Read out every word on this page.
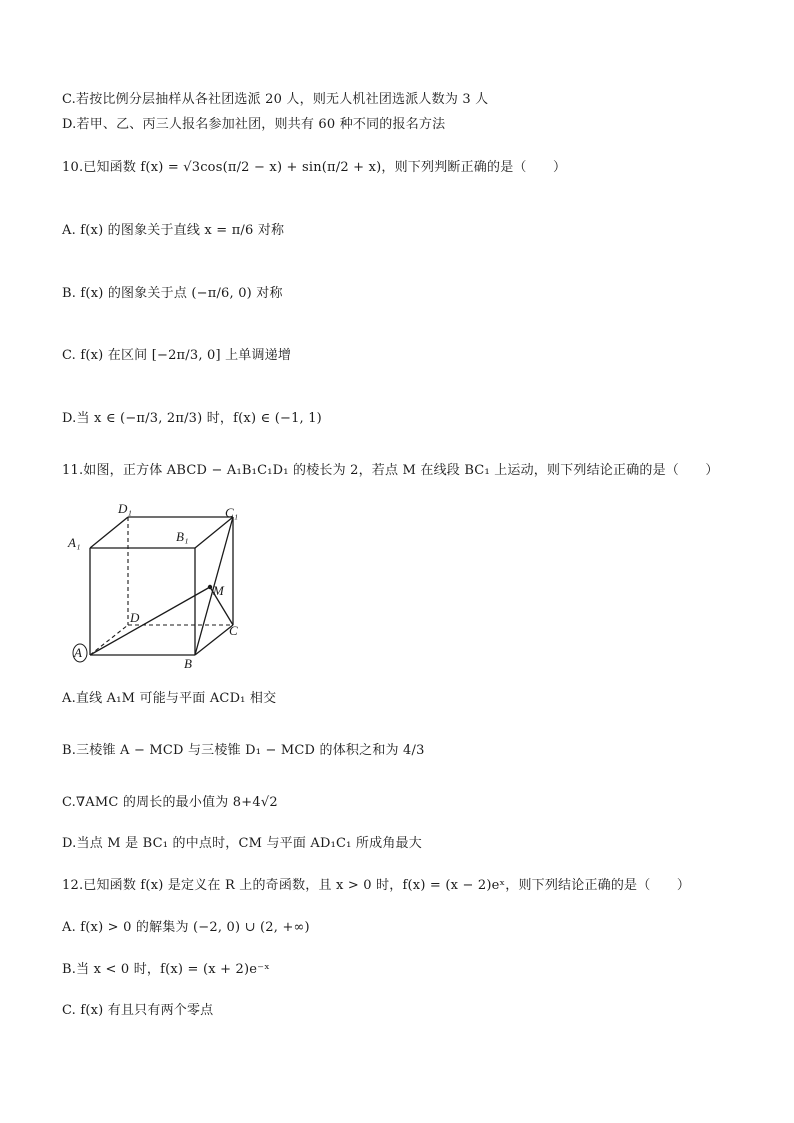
C.若按比例分层抽样从各社团选派 20 人，则无人机社团选派人数为 3 人
D.若甲、乙、丙三人报名参加社团，则共有 60 种不同的报名方法
10.已知函数 f(x) = √3cos(π/2 − x) + sin(π/2 + x)，则下列判断正确的是（　　）
A. f(x) 的图象关于直线 x = π/6 对称
B. f(x) 的图象关于点 (−π/6, 0) 对称
C. f(x) 在区间 [−2π/3, 0] 上单调递增
D.当 x ∈ (−π/3, 2π/3) 时，f(x) ∈ (−1, 1)
11.如图，正方体 ABCD − A₁B₁C₁D₁ 的棱长为 2，若点 M 在线段 BC₁ 上运动，则下列结论正确的是（　　）
A
B
C
D
A₁	B₁
C₁
D₁
M
A.直线 A₁M 可能与平面 ACD₁ 相交
B.三棱锥 A − MCD 与三棱锥 D₁ − MCD 的体积之和为 4/3
C.∇AMC 的周长的最小值为 8+4√2
D.当点 M 是 BC₁ 的中点时，CM 与平面 AD₁C₁ 所成角最大
12.已知函数 f(x) 是定义在 R 上的奇函数，且 x > 0 时，f(x) = (x − 2)eˣ，则下列结论正确的是（　　）
A. f(x) > 0 的解集为 (−2, 0) ∪ (2, +∞)
B.当 x < 0 时，f(x) = (x + 2)e⁻ˣ
C. f(x) 有且只有两个零点
